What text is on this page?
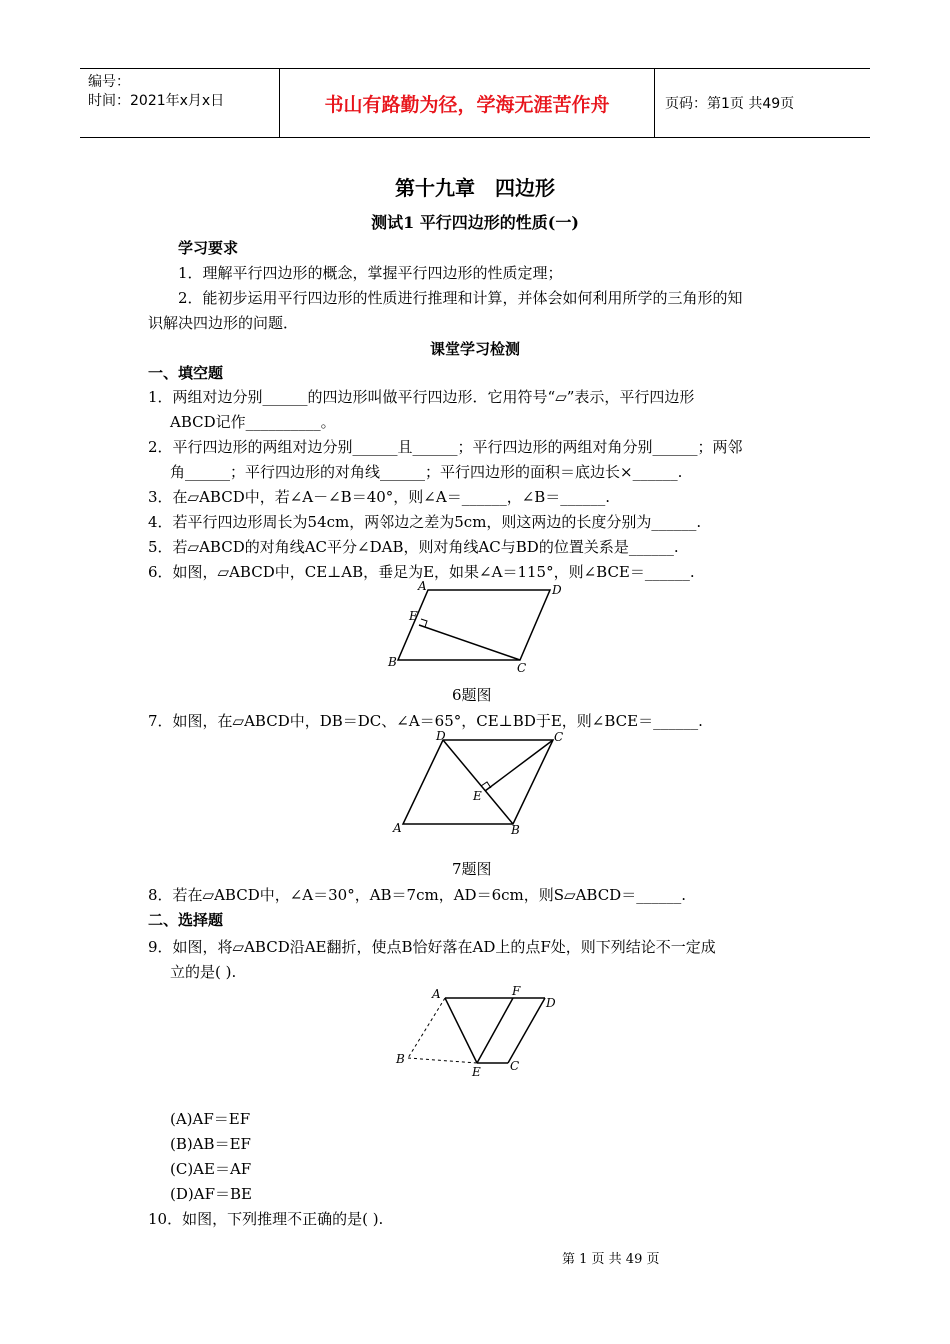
编号：
时间：2021年x月x日	书山有路勤为径，学海无涯苦作舟	页码：第1页 共49页
第十九章　四边形
测试1 平行四边形的性质(一)
学习要求
1．理解平行四边形的概念，掌握平行四边形的性质定理；
2．能初步运用平行四边形的性质进行推理和计算，并体会如何利用所学的三角形的知
识解决四边形的问题．
课堂学习检测
一、填空题
1．两组对边分别______的四边形叫做平行四边形．它用符号“▱”表示，平行四边形
ABCD记作__________。
2．平行四边形的两组对边分别______且______；平行四边形的两组对角分别______；两邻
角______；平行四边形的对角线______；平行四边形的面积＝底边长×______.
3．在▱ABCD中，若∠A－∠B＝40°，则∠A＝______，∠B＝______.
4．若平行四边形周长为54cm，两邻边之差为5cm，则这两边的长度分别为______.
5．若▱ABCD的对角线AC平分∠DAB，则对角线AC与BD的位置关系是______.
6．如图，▱ABCD中，CE⊥AB，垂足为E，如果∠A＝115°，则∠BCE＝______.
A	D
E
B	C
6题图
7．如图，在▱ABCD中，DB＝DC、∠A＝65°，CE⊥BD于E，则∠BCE＝______.
D	C
E
A	B
7题图
8．若在▱ABCD中，∠A＝30°，AB＝7cm，AD＝6cm，则S▱ABCD＝______.
二、选择题
9．如图，将▱ABCD沿AE翻折，使点B恰好落在AD上的点F处，则下列结论不一定成
立的是( ).
A	F
D
B
E C
(A)AF＝EF
(B)AB＝EF
(C)AE＝AF
(D)AF＝BE
10．如图，下列推理不正确的是( ).
第 1 页 共 49 页
